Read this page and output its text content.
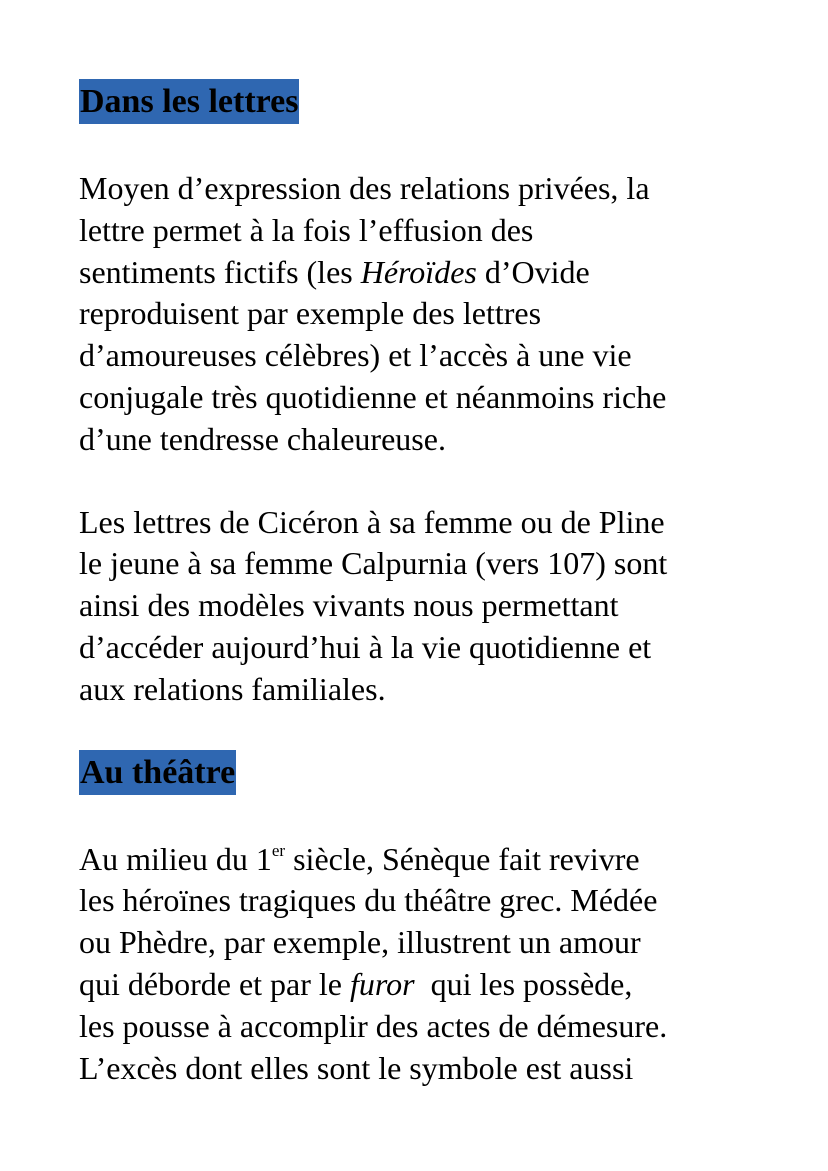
Dans les lettres

Moyen d’expression des relations privées, la
lettre permet à la fois l’effusion des
sentiments fictifs (les Héroïdes d’Ovide
reproduisent par exemple des lettres
d’amoureuses célèbres) et l’accès à une vie
conjugale très quotidienne et néanmoins riche
d’une tendresse chaleureuse.

Les lettres de Cicéron à sa femme ou de Pline
le jeune à sa femme Calpurnia (vers 107) sont
ainsi des modèles vivants nous permettant
d’accéder aujourd’hui à la vie quotidienne et
aux relations familiales.

Au théâtre

Au milieu du 1er siècle, Sénèque fait revivre
les héroïnes tragiques du théâtre grec. Médée
ou Phèdre, par exemple, illustrent un amour
qui déborde et par le furor  qui les possède,
les pousse à accomplir des actes de démesure.
L’excès dont elles sont le symbole est aussi
